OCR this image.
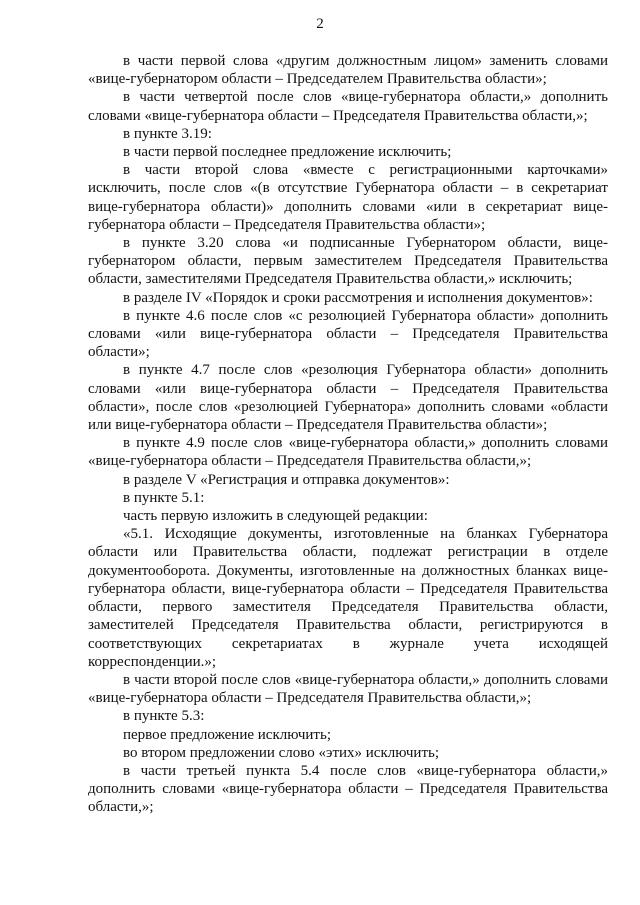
2

в части первой слова «другим должностным лицом» заменить словами «вице-губернатором области – Председателем Правительства области»;

в части четвертой после слов «вице-губернатора области,» дополнить словами «вице-губернатора области – Председателя Правительства области,»;

в пункте 3.19:

в части первой последнее предложение исключить;

в части второй слова «вместе с регистрационными карточками» исключить, после слов «(в отсутствие Губернатора области – в секретариат вице-губернатора области)» дополнить словами «или в секретариат вице-губернатора области – Председателя Правительства области»;

в пункте 3.20 слова «и подписанные Губернатором области, вице-губернатором области, первым заместителем Председателя Правительства области, заместителями Председателя Правительства области,» исключить;

в разделе IV «Порядок и сроки рассмотрения и исполнения документов»:

в пункте 4.6 после слов «с резолюцией Губернатора области» дополнить словами «или вице-губернатора области – Председателя Правительства области»;

в пункте 4.7 после слов «резолюция Губернатора области» дополнить словами «или вице-губернатора области – Председателя Правительства области», после слов «резолюцией Губернатора» дополнить словами «области или вице-губернатора области – Председателя Правительства области»;

в пункте 4.9 после слов «вице-губернатора области,» дополнить словами «вице-губернатора области – Председателя Правительства области,»;

в разделе V «Регистрация и отправка документов»:

в пункте 5.1:

часть первую изложить в следующей редакции:

«5.1. Исходящие документы, изготовленные на бланках Губернатора области или Правительства области, подлежат регистрации в отделе документооборота. Документы, изготовленные на должностных бланках вице-губернатора области, вице-губернатора области – Председателя Правительства области, первого заместителя Председателя Правительства области, заместителей Председателя Правительства области, регистрируются в соответствующих секретариатах в журнале учета исходящей корреспонденции.»;

в части второй после слов «вице-губернатора области,» дополнить словами «вице-губернатора области – Председателя Правительства области,»;

в пункте 5.3:

первое предложение исключить;

во втором предложении слово «этих» исключить;

в части третьей пункта 5.4 после слов «вице-губернатора области,» дополнить словами «вице-губернатора области – Председателя Правительства области,»;
